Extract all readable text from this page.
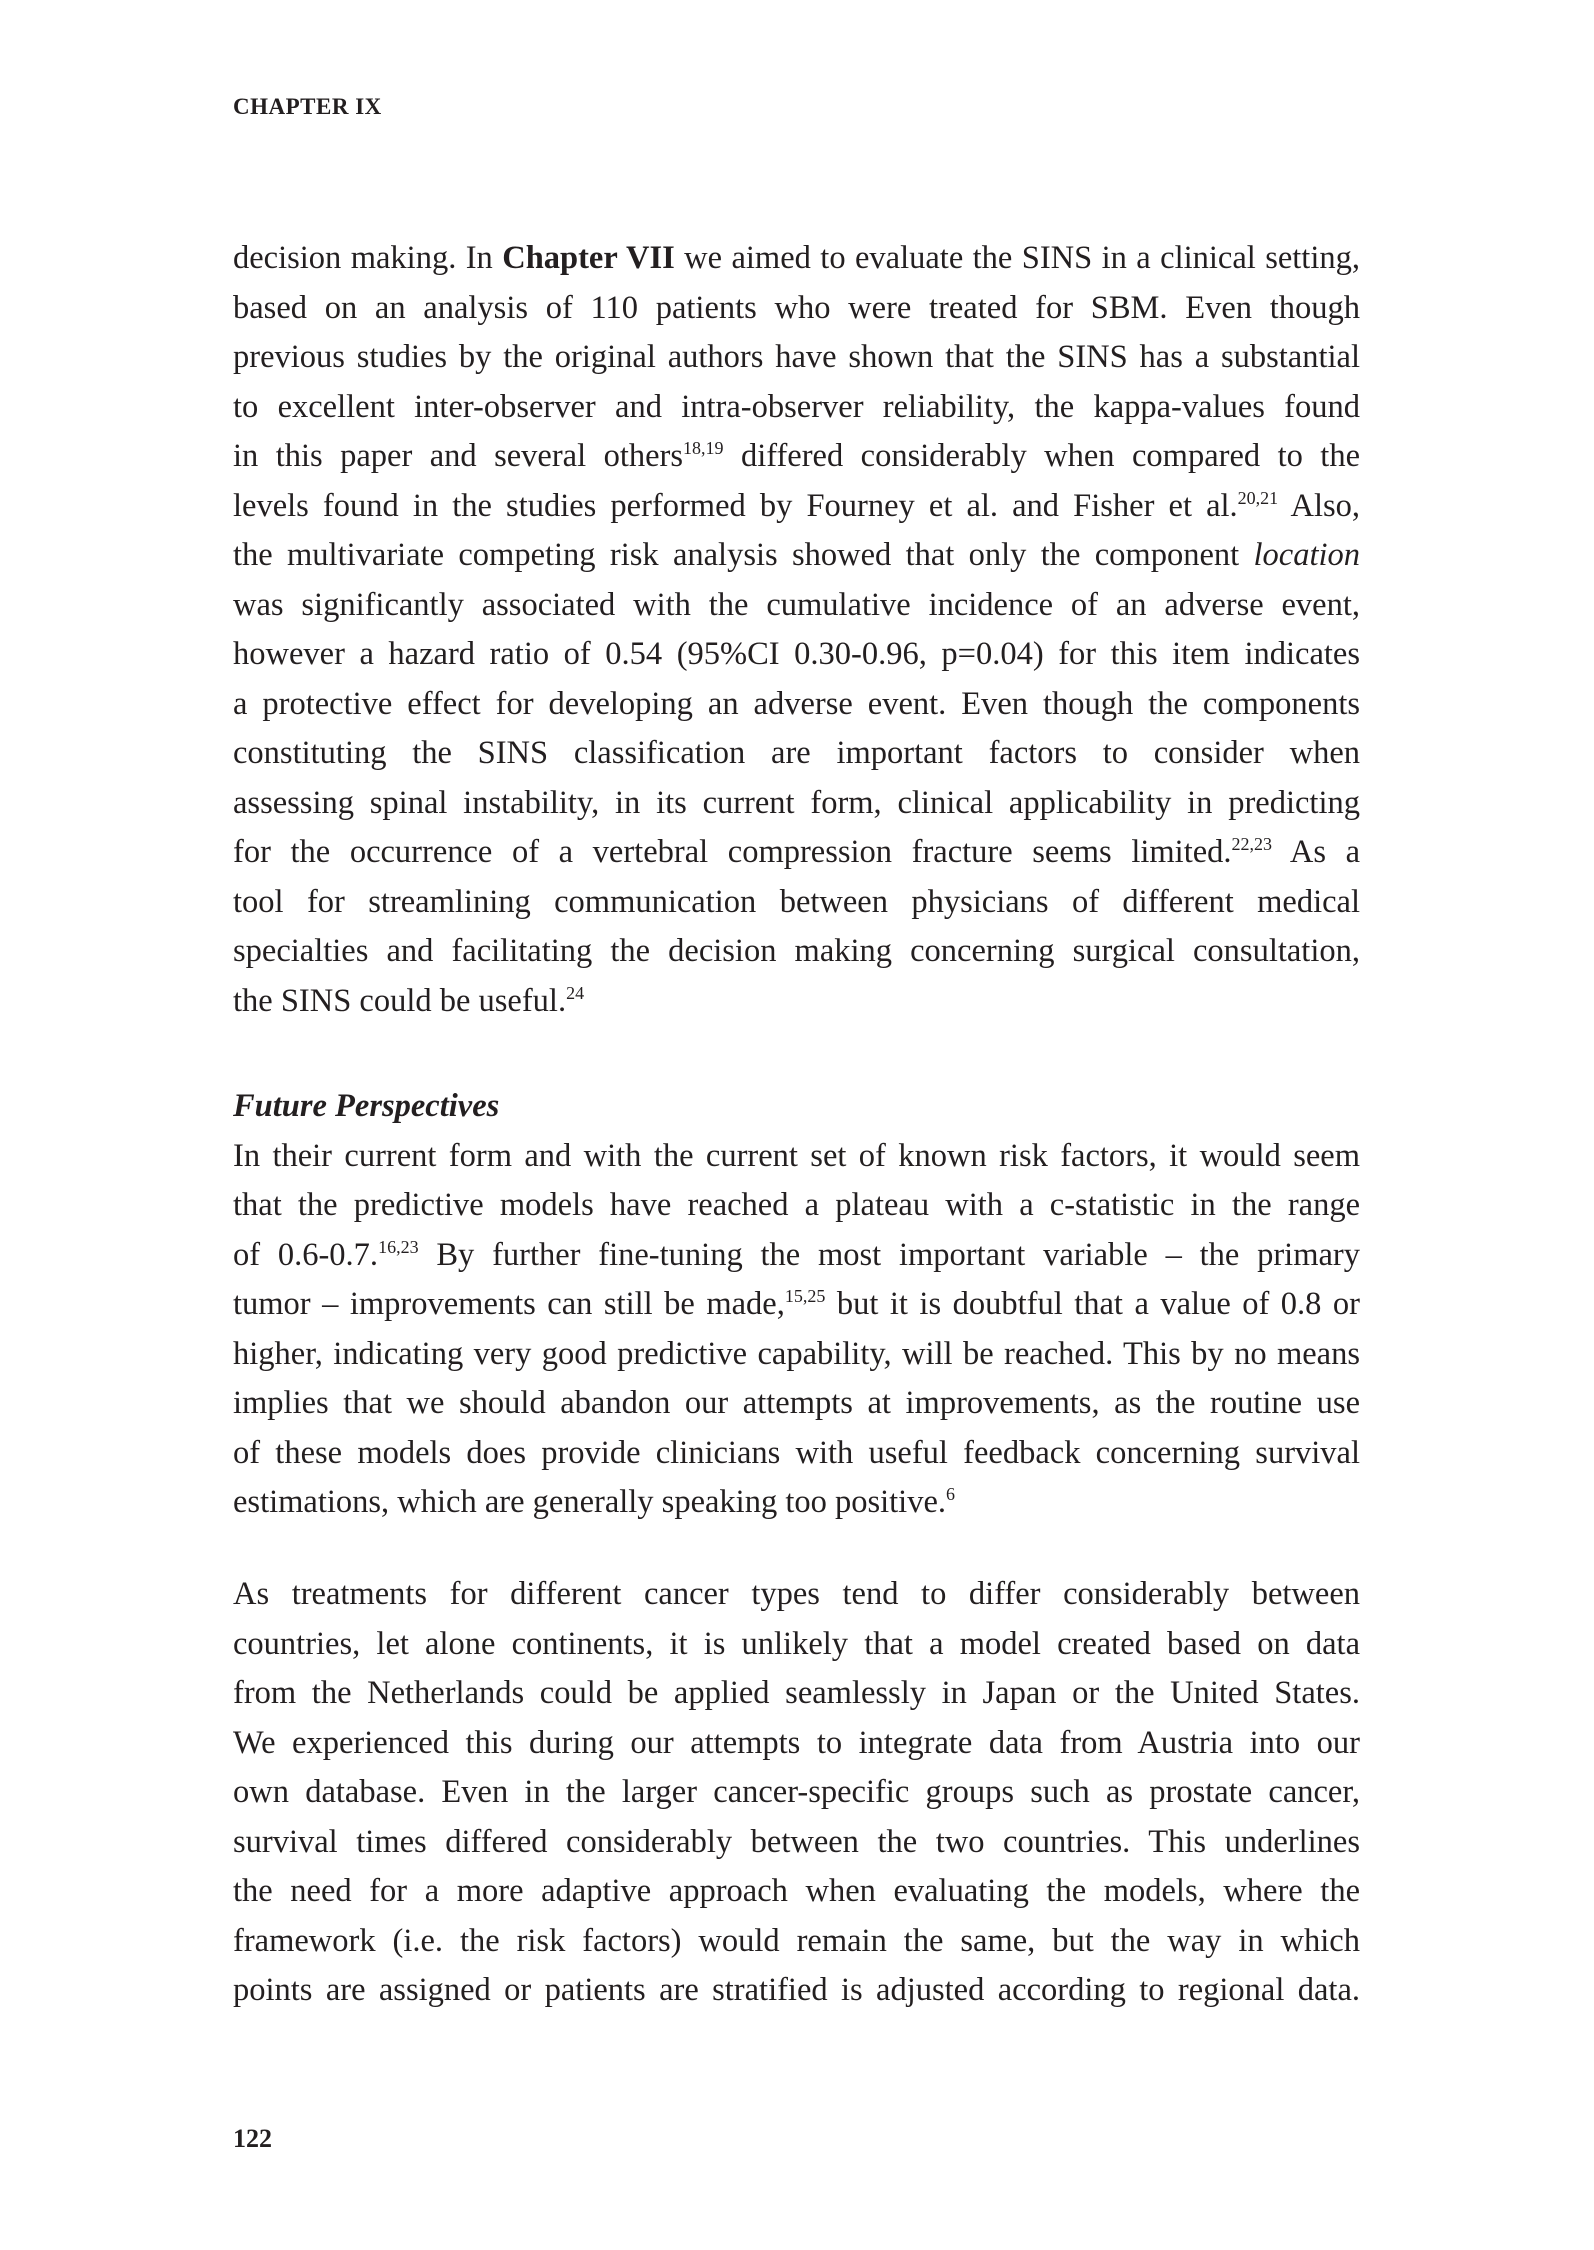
CHAPTER IX
decision making. In Chapter VII we aimed to evaluate the SINS in a clinical setting,
based on an analysis of 110 patients who were treated for SBM. Even though
previous studies by the original authors have shown that the SINS has a substantial
to excellent inter-observer and intra-observer reliability, the kappa-values found
in this paper and several others$^{18,19}$ differed considerably when compared to the
levels found in the studies performed by Fourney et al. and Fisher et al.$^{20,21}$ Also,
the multivariate competing risk analysis showed that only the component location
was significantly associated with the cumulative incidence of an adverse event,
however a hazard ratio of 0.54 (95%CI 0.30-0.96, p=0.04) for this item indicates
a protective effect for developing an adverse event. Even though the components
constituting the SINS classification are important factors to consider when
assessing spinal instability, in its current form, clinical applicability in predicting
for the occurrence of a vertebral compression fracture seems limited.$^{22,23}$ As a
tool for streamlining communication between physicians of different medical
specialties and facilitating the decision making concerning surgical consultation,
the SINS could be useful.$^{24}$
Future Perspectives
In their current form and with the current set of known risk factors, it would seem
that the predictive models have reached a plateau with a c-statistic in the range
of 0.6-0.7.$^{16,23}$ By further fine-tuning the most important variable – the primary
tumor – improvements can still be made,$^{15,25}$ but it is doubtful that a value of 0.8 or
higher, indicating very good predictive capability, will be reached. This by no means
implies that we should abandon our attempts at improvements, as the routine use
of these models does provide clinicians with useful feedback concerning survival
estimations, which are generally speaking too positive.$^6$
As treatments for different cancer types tend to differ considerably between
countries, let alone continents, it is unlikely that a model created based on data
from the Netherlands could be applied seamlessly in Japan or the United States.
We experienced this during our attempts to integrate data from Austria into our
own database. Even in the larger cancer-specific groups such as prostate cancer,
survival times differed considerably between the two countries. This underlines
the need for a more adaptive approach when evaluating the models, where the
framework (i.e. the risk factors) would remain the same, but the way in which
points are assigned or patients are stratified is adjusted according to regional data.
122
